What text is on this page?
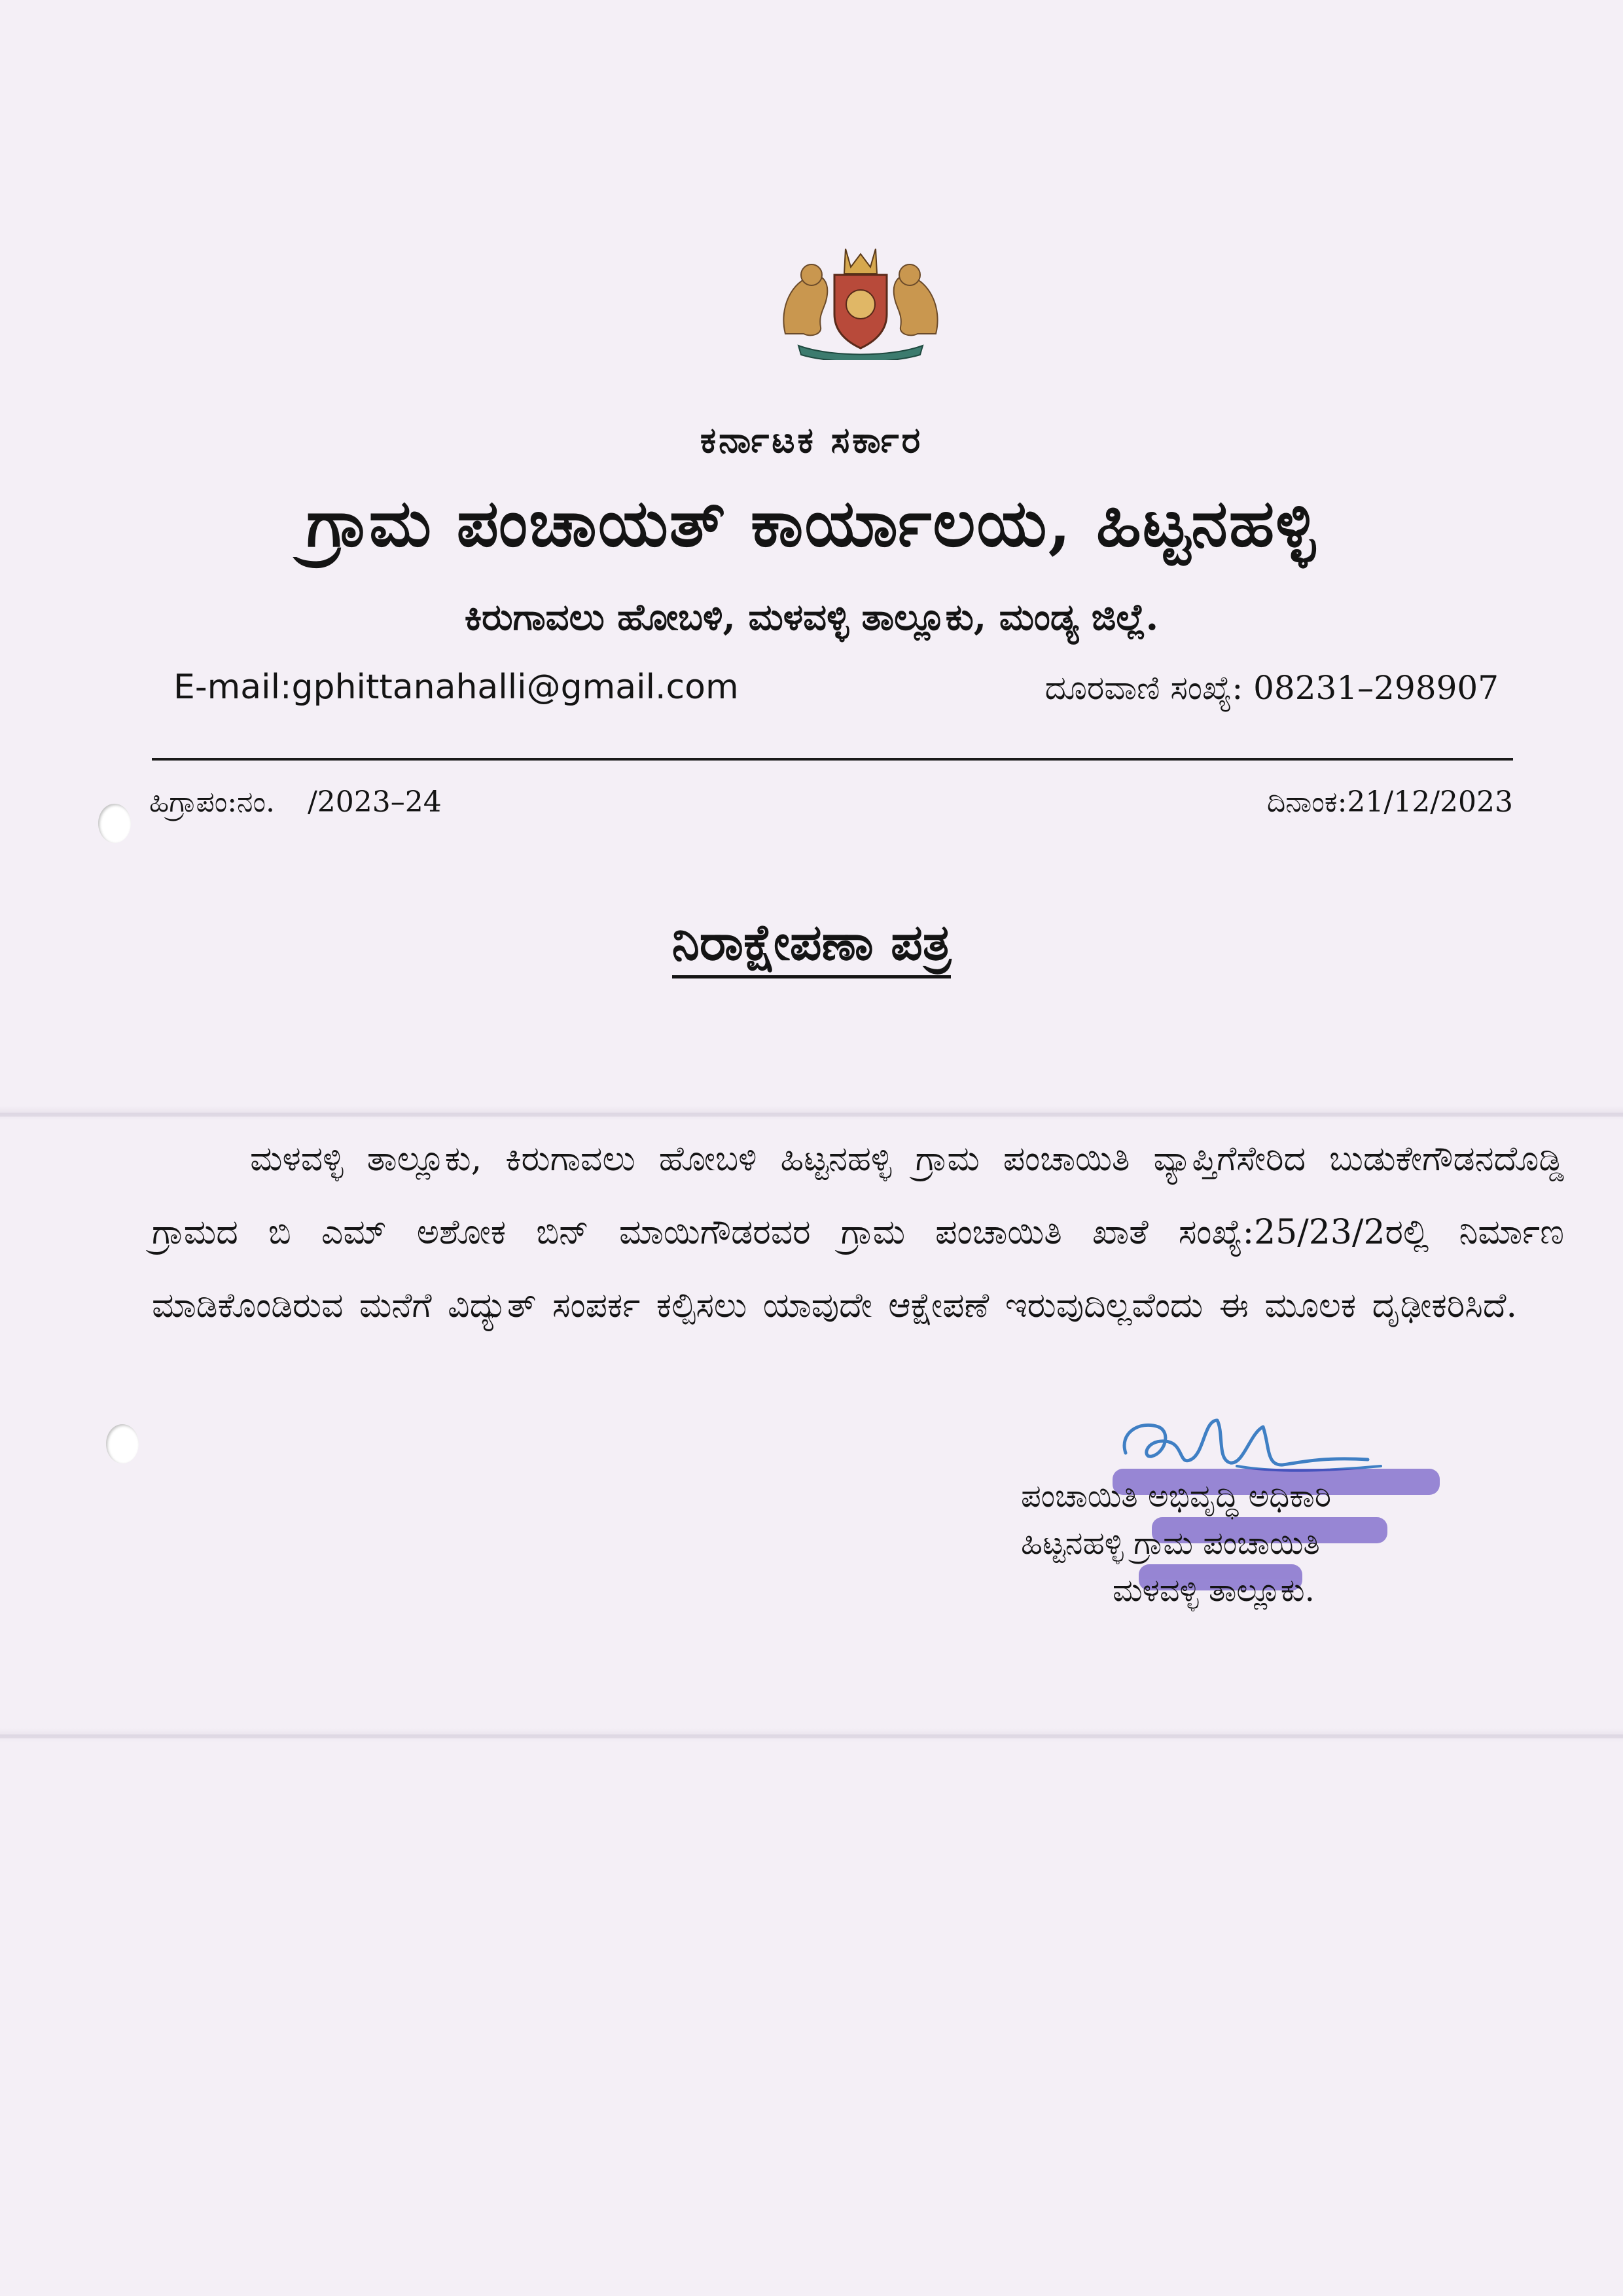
ಕರ್ನಾಟಕ ಸರ್ಕಾರ
ಗ್ರಾಮ ಪಂಚಾಯತ್ ಕಾರ್ಯಾಲಯ, ಹಿಟ್ಟನಹಳ್ಳಿ
ಕಿರುಗಾವಲು ಹೋಬಳಿ, ಮಳವಳ್ಳಿ ತಾಲ್ಲೂಕು, ಮಂಡ್ಯ ಜಿಲ್ಲೆ.
E-mail:gphittanahalli@gmail.com	ದೂರವಾಣಿ ಸಂಖ್ಯೆ: 08231–298907
ಹಿಗ್ರಾಪಂ:ನಂ. /2023–24	ದಿನಾಂಕ:21/12/2023
ನಿರಾಕ್ಷೇಪಣಾ ಪತ್ರ
ಮಳವಳ್ಳಿ ತಾಲ್ಲೂಕು, ಕಿರುಗಾವಲು ಹೋಬಳಿ ಹಿಟ್ಟನಹಳ್ಳಿ ಗ್ರಾಮ ಪಂಚಾಯಿತಿ ವ್ಯಾಪ್ತಿಗೆಸೇರಿದ ಬುಡುಕೇಗೌಡನದೊಡ್ಡಿ ಗ್ರಾಮದ ಬಿ ಎಮ್ ಅಶೋಕ ಬಿನ್ ಮಾಯಿಗೌಡರವರ ಗ್ರಾಮ ಪಂಚಾಯಿತಿ ಖಾತೆ ಸಂಖ್ಯೆ:25/23/2ರಲ್ಲಿ ನಿರ್ಮಾಣ ಮಾಡಿಕೊಂಡಿರುವ ಮನೆಗೆ ವಿದ್ಯುತ್ ಸಂಪರ್ಕ ಕಲ್ಪಿಸಲು ಯಾವುದೇ ಆಕ್ಷೇಪಣೆ ಇರುವುದಿಲ್ಲವೆಂದು ಈ ಮೂಲಕ ದೃಢೀಕರಿಸಿದೆ.
ಪಂಚಾಯಿತಿ ಅಭಿವೃದ್ಧಿ ಅಧಿಕಾರಿ
ಹಿಟ್ಟನಹಳ್ಳಿ ಗ್ರಾಮ ಪಂಚಾಯಿತಿ
ಮಳವಳ್ಳಿ ತಾಲ್ಲೂಕು.
